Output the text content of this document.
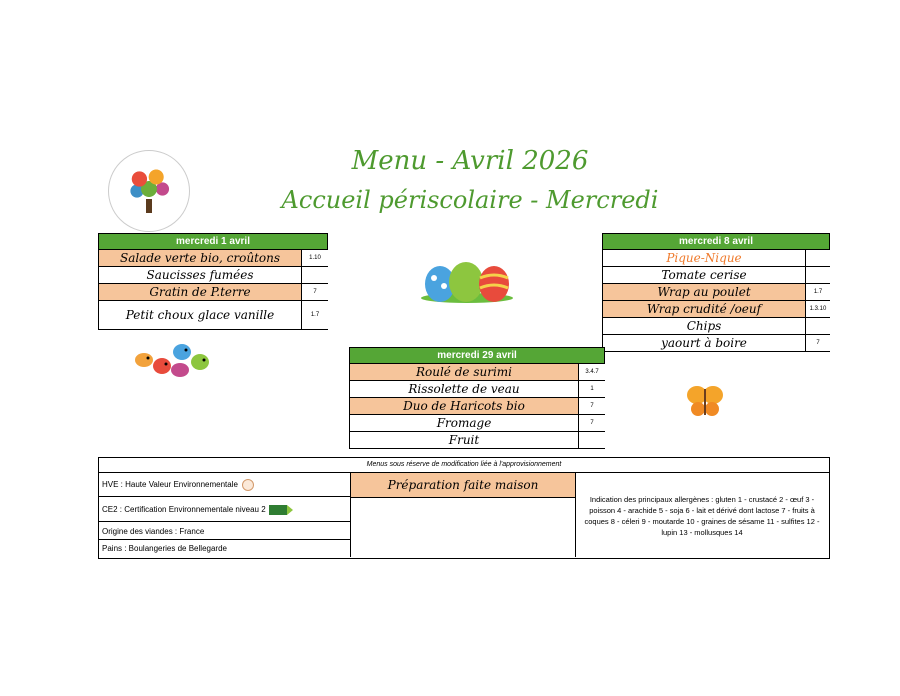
Menu - Avril 2026
Accueil périscolaire - Mercredi
mercredi 1 avril
Salade verte bio, croûtons	1.10
Saucisses fumées
Gratin de P.terre	7
Petit choux glace vanille	1.7
mercredi 8 avril
Pique-Nique
Tomate cerise
Wrap au poulet	1.7
Wrap crudité /oeuf	1.3.10
Chips
yaourt à boire	7
mercredi 29 avril
Roulé de surimi	3.4.7
Rissolette de veau	1
Duo de Haricots bio	7
Fromage	7
Fruit
Menus sous réserve de modification liée à l'approvisionnement
HVE : Haute Valeur Environnementale
CE2 : Certification Environnementale niveau 2
Origine des viandes : France
Pains : Boulangeries de Bellegarde
Préparation faite maison
Indication des principaux allergènes : gluten 1 - crustacé 2 - œuf 3 - poisson 4 - arachide 5 - soja 6 - lait et dérivé dont lactose 7 - fruits à coques 8 - céleri 9 - moutarde 10 - graines de sésame 11 - sulfites 12 - lupin 13 - mollusques 14
